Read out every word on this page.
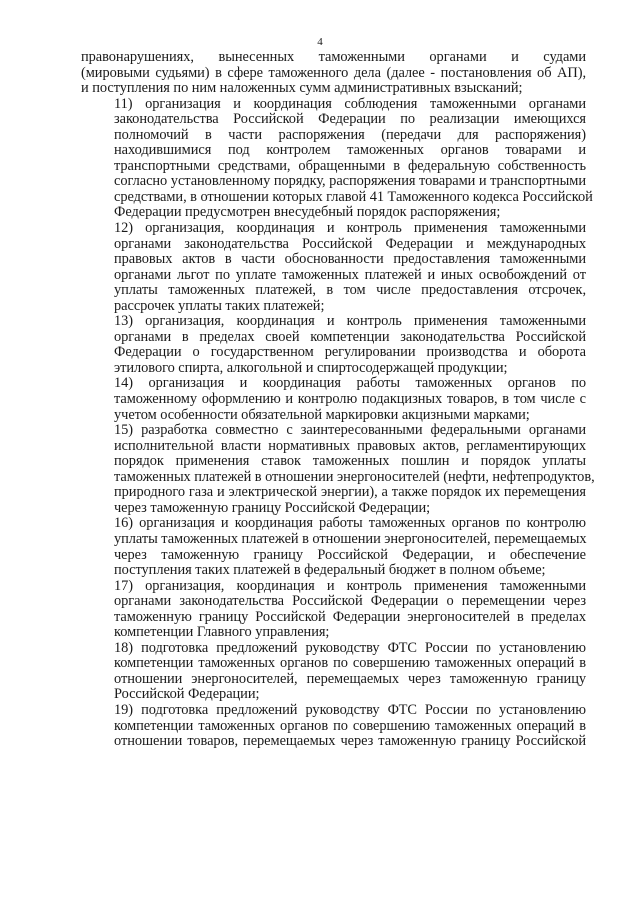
4

правонарушениях, вынесенных таможенными органами и судами
(мировыми судьями) в сфере таможенного дела (далее - постановления об АП),
и поступления по ним наложенных сумм административных взысканий;

11) организация и координация соблюдения таможенными органами
законодательства Российской Федерации по реализации имеющихся
полномочий в части распоряжения (передачи для распоряжения)
находившимися под контролем таможенных органов товарами и
транспортными средствами, обращенными в федеральную собственность
согласно установленному порядку, распоряжения товарами и транспортными
средствами, в отношении которых главой 41 Таможенного кодекса Российской
Федерации предусмотрен внесудебный порядок распоряжения;

12) организация, координация и контроль применения таможенными
органами законодательства Российской Федерации и международных
правовых актов в части обоснованности предоставления таможенными
органами льгот по уплате таможенных платежей и иных освобождений от
уплаты таможенных платежей, в том числе предоставления отсрочек,
рассрочек уплаты таких платежей;

13) организация, координация и контроль применения таможенными
органами в пределах своей компетенции законодательства Российской
Федерации о государственном регулировании производства и оборота
этилового спирта, алкогольной и спиртосодержащей продукции;

14) организация и координация работы таможенных органов по
таможенному оформлению и контролю подакцизных товаров, в том числе с
учетом особенности обязательной маркировки акцизными марками;

15) разработка совместно с заинтересованными федеральными органами
исполнительной власти нормативных правовых актов, регламентирующих
порядок применения ставок таможенных пошлин и порядок уплаты
таможенных платежей в отношении энергоносителей (нефти, нефтепродуктов,
природного газа и электрической энергии), а также порядок их перемещения
через таможенную границу Российской Федерации;

16) организация и координация работы таможенных органов по контролю
уплаты таможенных платежей в отношении энергоносителей, перемещаемых
через таможенную границу Российской Федерации, и обеспечение
поступления таких платежей в федеральный бюджет в полном объеме;

17) организация, координация и контроль применения таможенными
органами законодательства Российской Федерации о перемещении через
таможенную границу Российской Федерации энергоносителей в пределах
компетенции Главного управления;

18) подготовка предложений руководству ФТС России по установлению
компетенции таможенных органов по совершению таможенных операций в
отношении энергоносителей, перемещаемых через таможенную границу
Российской Федерации;

19) подготовка предложений руководству ФТС России по установлению
компетенции таможенных органов по совершению таможенных операций в
отношении товаров, перемещаемых через таможенную границу Российской
